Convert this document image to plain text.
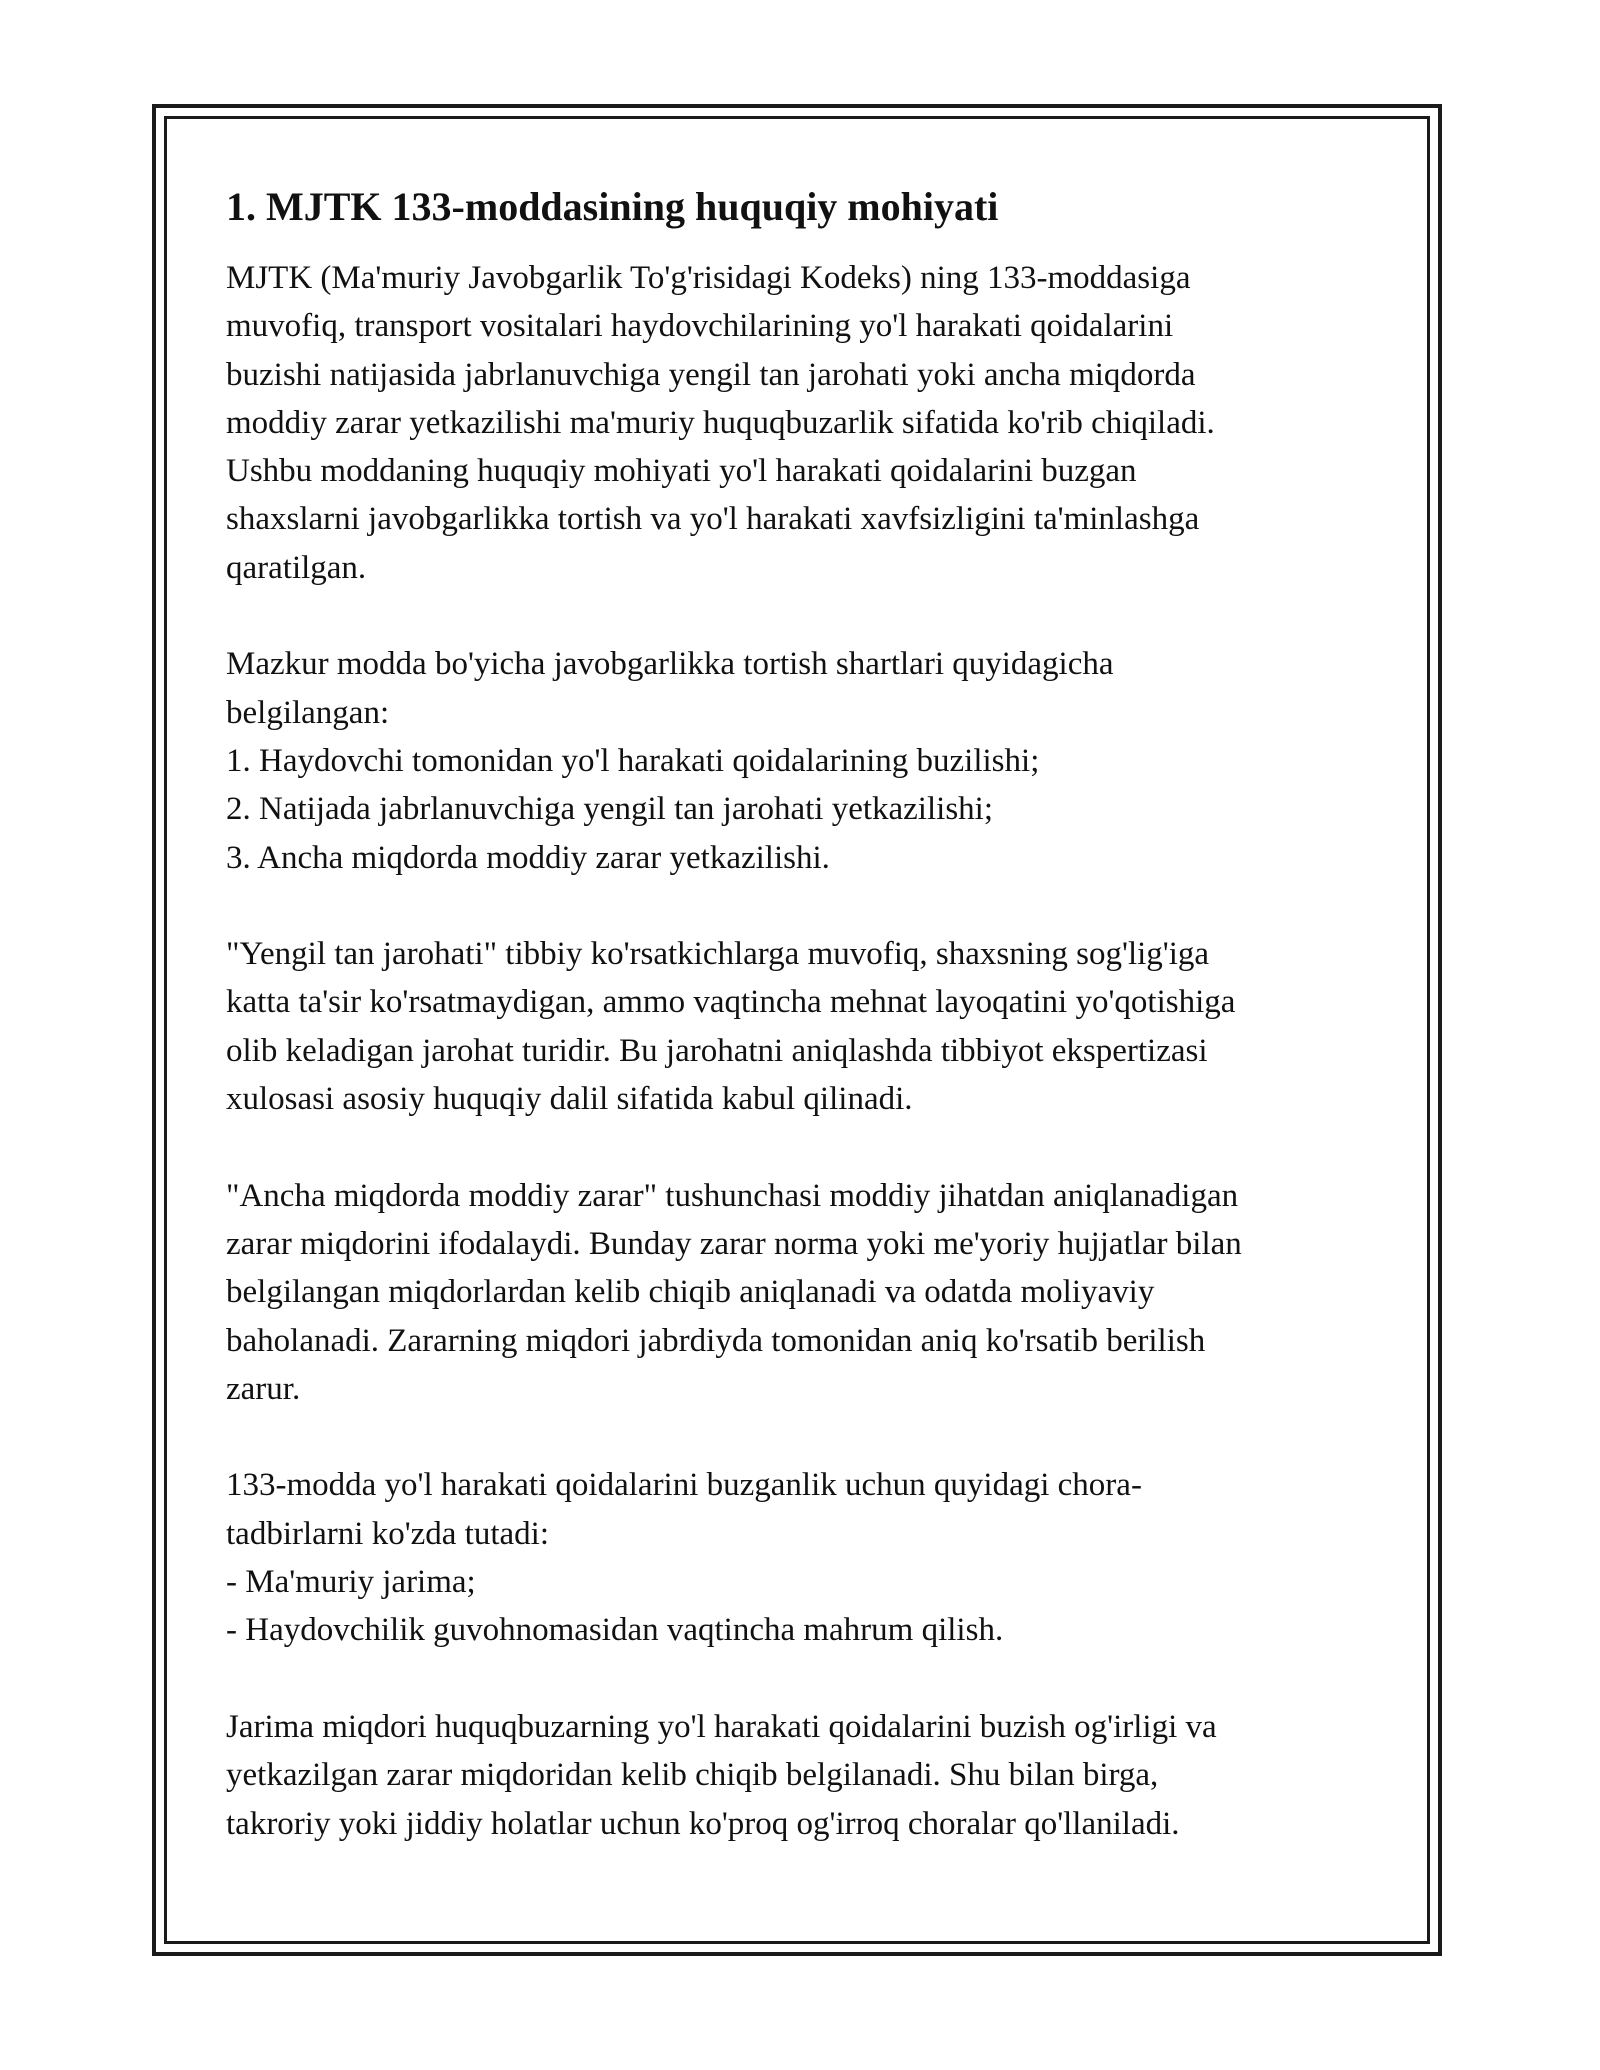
1. MJTK 133-moddasining huquqiy mohiyati

MJTK (Ma'muriy Javobgarlik To'g'risidagi Kodeks) ning 133-moddasiga
muvofiq, transport vositalari haydovchilarining yo'l harakati qoidalarini
buzishi natijasida jabrlanuvchiga yengil tan jarohati yoki ancha miqdorda
moddiy zarar yetkazilishi ma'muriy huquqbuzarlik sifatida ko'rib chiqiladi.
Ushbu moddaning huquqiy mohiyati yo'l harakati qoidalarini buzgan
shaxslarni javobgarlikka tortish va yo'l harakati xavfsizligini ta'minlashga
qaratilgan.

Mazkur modda bo'yicha javobgarlikka tortish shartlari quyidagicha
belgilangan:
1. Haydovchi tomonidan yo'l harakati qoidalarining buzilishi;
2. Natijada jabrlanuvchiga yengil tan jarohati yetkazilishi;
3. Ancha miqdorda moddiy zarar yetkazilishi.

"Yengil tan jarohati" tibbiy ko'rsatkichlarga muvofiq, shaxsning sog'lig'iga
katta ta'sir ko'rsatmaydigan, ammo vaqtincha mehnat layoqatini yo'qotishiga
olib keladigan jarohat turidir. Bu jarohatni aniqlashda tibbiyot ekspertizasi
xulosasi asosiy huquqiy dalil sifatida kabul qilinadi.

"Ancha miqdorda moddiy zarar" tushunchasi moddiy jihatdan aniqlanadigan
zarar miqdorini ifodalaydi. Bunday zarar norma yoki me'yoriy hujjatlar bilan
belgilangan miqdorlardan kelib chiqib aniqlanadi va odatda moliyaviy
baholanadi. Zararning miqdori jabrdiyda tomonidan aniq ko'rsatib berilish
zarur.

133-modda yo'l harakati qoidalarini buzganlik uchun quyidagi chora-
tadbirlarni ko'zda tutadi:
- Ma'muriy jarima;
- Haydovchilik guvohnomasidan vaqtincha mahrum qilish.

Jarima miqdori huquqbuzarning yo'l harakati qoidalarini buzish og'irligi va
yetkazilgan zarar miqdoridan kelib chiqib belgilanadi. Shu bilan birga,
takroriy yoki jiddiy holatlar uchun ko'proq og'irroq choralar qo'llaniladi.
